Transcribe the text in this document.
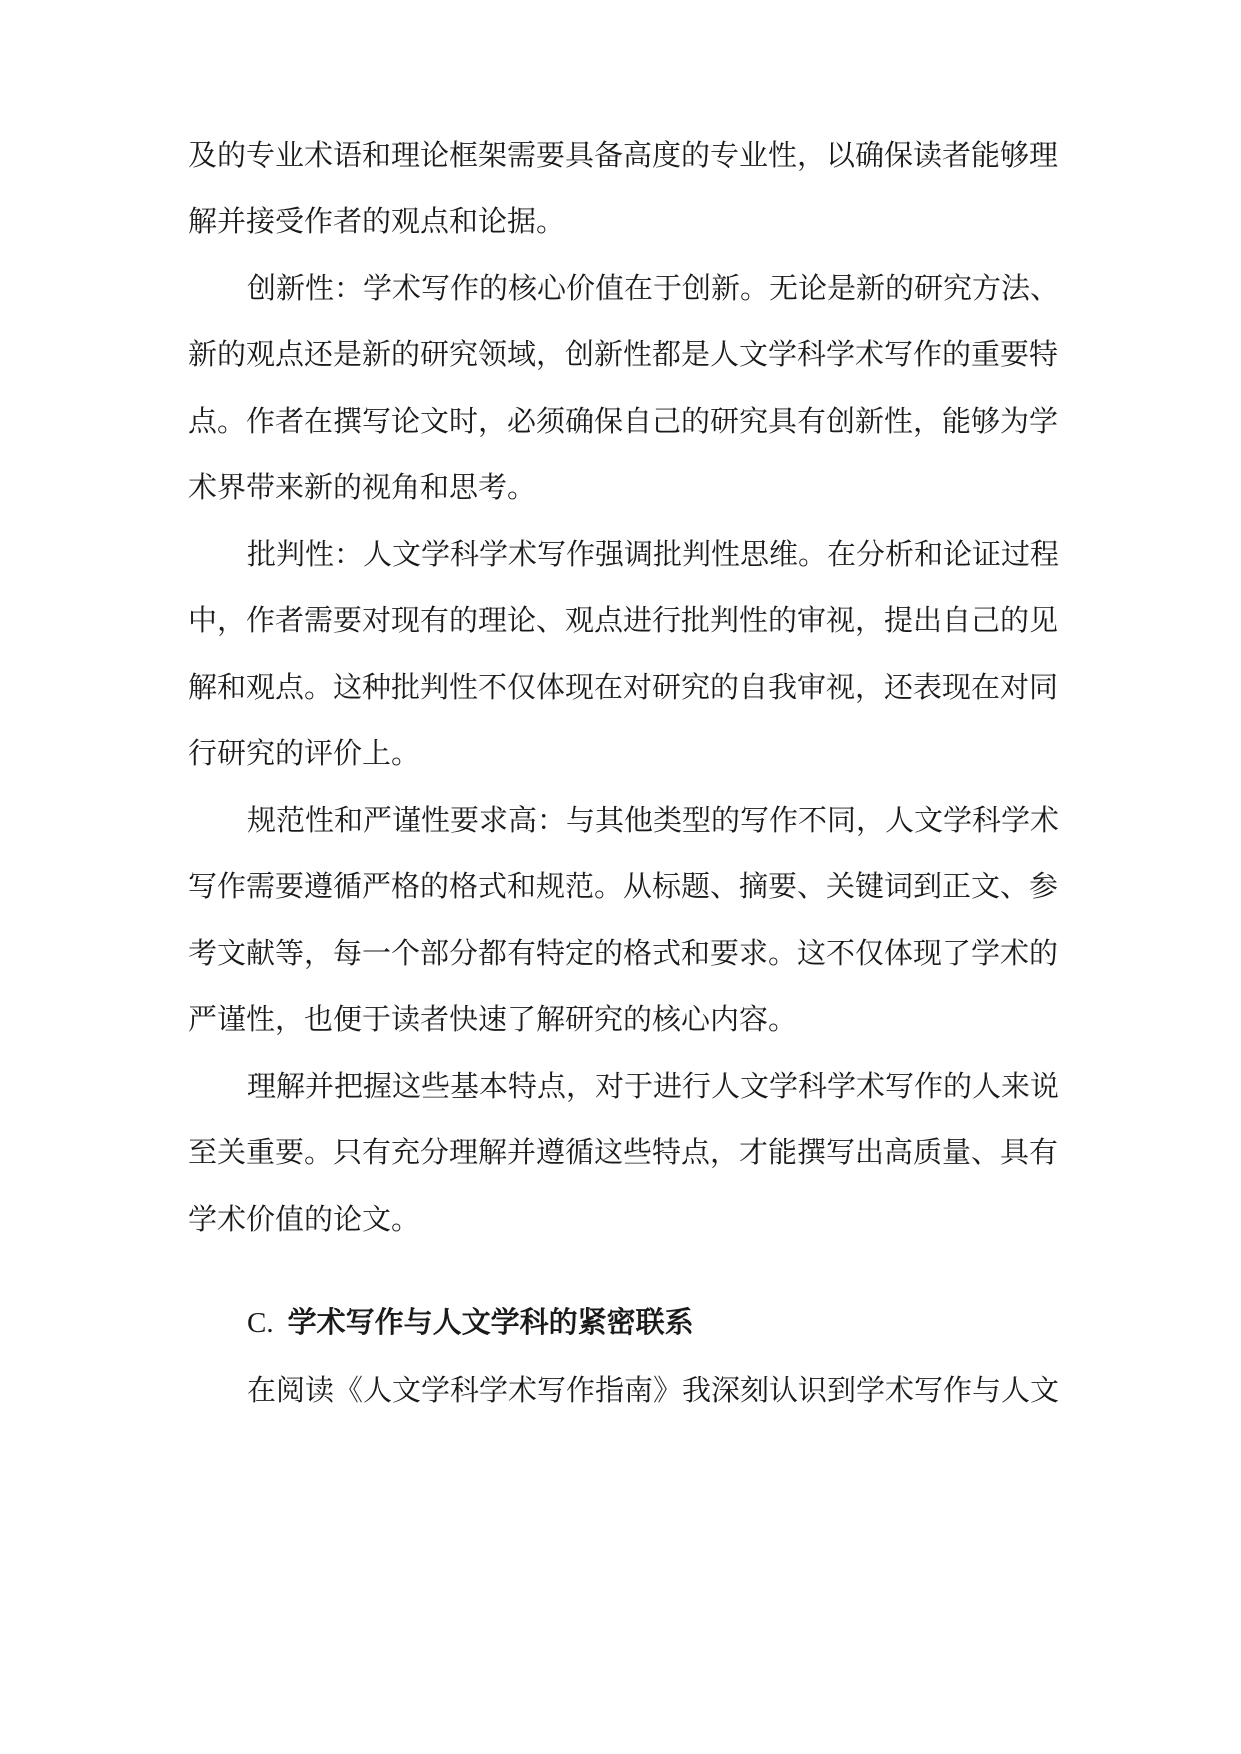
及的专业术语和理论框架需要具备高度的专业性，以确保读者能够理
解并接受作者的观点和论据。
创新性：学术写作的核心价值在于创新。无论是新的研究方法、
新的观点还是新的研究领域，创新性都是人文学科学术写作的重要特
点。作者在撰写论文时，必须确保自己的研究具有创新性，能够为学
术界带来新的视角和思考。
批判性：人文学科学术写作强调批判性思维。在分析和论证过程
中，作者需要对现有的理论、观点进行批判性的审视，提出自己的见
解和观点。这种批判性不仅体现在对研究的自我审视，还表现在对同
行研究的评价上。
规范性和严谨性要求高：与其他类型的写作不同，人文学科学术
写作需要遵循严格的格式和规范。从标题、摘要、关键词到正文、参
考文献等，每一个部分都有特定的格式和要求。这不仅体现了学术的
严谨性，也便于读者快速了解研究的核心内容。
理解并把握这些基本特点，对于进行人文学科学术写作的人来说
至关重要。只有充分理解并遵循这些特点，才能撰写出高质量、具有
学术价值的论文。
C. 学术写作与人文学科的紧密联系
在阅读《人文学科学术写作指南》我深刻认识到学术写作与人文
